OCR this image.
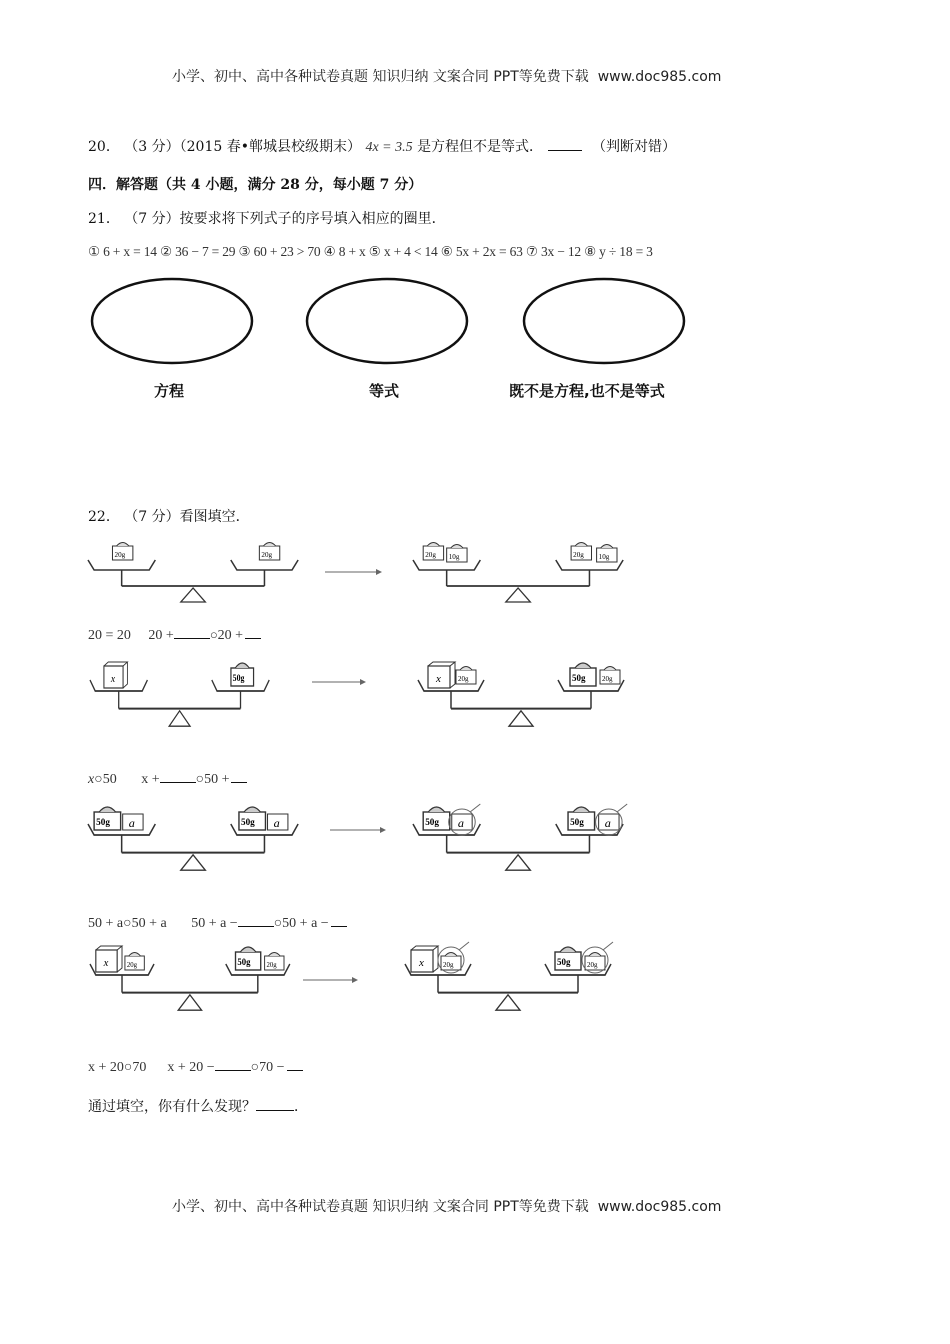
小学、初中、高中各种试卷真题 知识归纳 文案合同 PPT等免费下载 www.doc985.com
20． （3 分）（2015 春•郸城县校级期末） 4x = 3.5 是方程但不是等式．	（判断对错）
四．解答题（共 4 小题，满分 28 分，每小题 7 分）
21． （7 分）按要求将下列式子的序号填入相应的圈里．
① 6 + x = 14 ② 36 − 7 = 29 ③ 60 + 23 > 70 ④ 8 + x ⑤ x + 4 < 14 ⑥ 5x + 2x = 63 ⑦ 3x − 12 ⑧ y ÷ 18 = 3
方程	等式	既不是方程,也不是等式
22． （7 分）看图填空．
20g	20g	20g 10g	20g 10g
x	50g	x 20g	50g 20g
50g a	50g a	50g a	50g a
x	20g	50g 20g	x	20g	50g 20g
20 = 20 20 +	○20 +
x○50 x +	○50 +
50 + a○50 + a 50 + a −	○50 + a −
x + 20○70 x + 20 −	○70 −
通过填空，你有什么发现？	．
小学、初中、高中各种试卷真题 知识归纳 文案合同 PPT等免费下载 www.doc985.com
